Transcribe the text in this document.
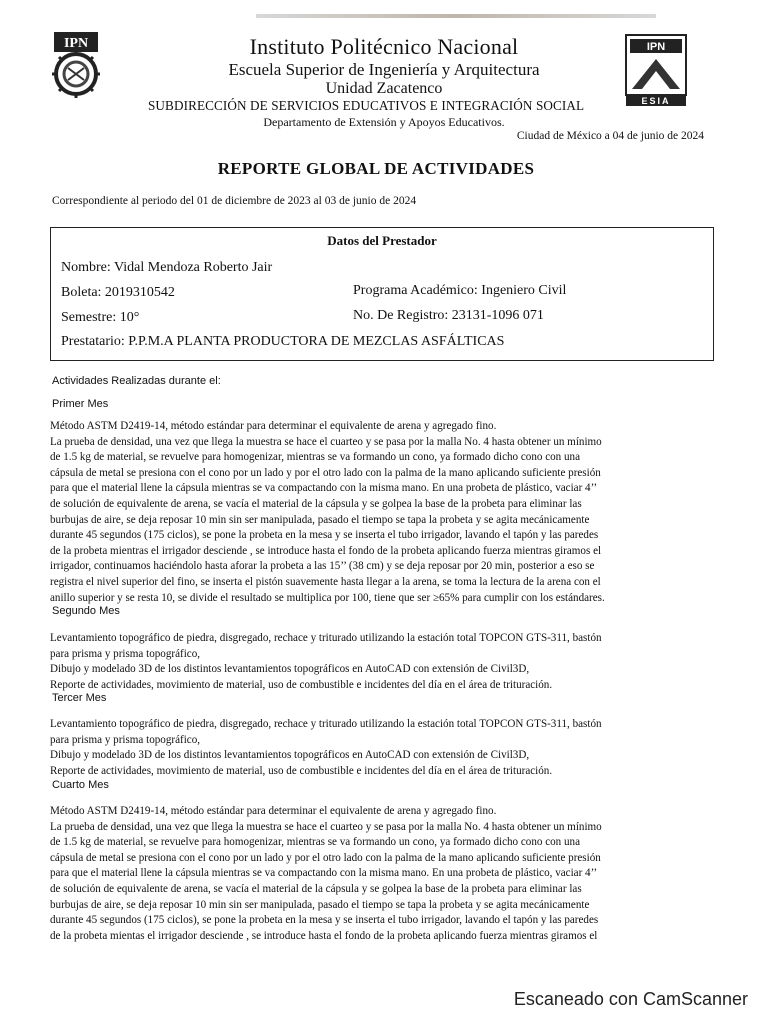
IPN	IPN
ESIA
Instituto Politécnico Nacional
Escuela Superior de Ingeniería y Arquitectura
Unidad Zacatenco
SUBDIRECCIÓN DE SERVICIOS EDUCATIVOS E INTEGRACIÓN SOCIAL
Departamento de Extensión y Apoyos Educativos.
Ciudad de México a 04 de junio de 2024
REPORTE GLOBAL DE ACTIVIDADES
Correspondiente al periodo del 01 de diciembre de 2023 al 03 de junio de 2024
Datos del Prestador
Nombre: Vidal Mendoza Roberto Jair
Boleta: 2019310542	Programa Académico: Ingeniero Civil
Semestre: 10°	No. De Registro: 23131-1096 071
Prestatario: P.P.M.A PLANTA PRODUCTORA DE MEZCLAS ASFÁLTICAS
Actividades Realizadas durante el:
Primer Mes
Método ASTM D2419-14, método estándar para determinar el equivalente de arena y agregado fino.
La prueba de densidad, una vez que llega la muestra se hace el cuarteo y se pasa por la malla No. 4 hasta obtener un mínimo
de 1.5 kg de material, se revuelve para homogenizar, mientras se va formando un cono, ya formado dicho cono con una
cápsula de metal se presiona con el cono por un lado y por el otro lado con la palma de la mano aplicando suficiente presión
para que el material llene la cápsula mientras se va compactando con la misma mano. En una probeta de plástico, vaciar 4’’
de solución de equivalente de arena, se vacía el material de la cápsula y se golpea la base de la probeta para eliminar las
burbujas de aire, se deja reposar 10 min sin ser manipulada, pasado el tiempo se tapa la probeta y se agita mecánicamente
durante 45 segundos (175 ciclos), se pone la probeta en la mesa y se inserta el tubo irrigador, lavando el tapón y las paredes
de la probeta mientras el irrigador desciende , se introduce hasta el fondo de la probeta aplicando fuerza mientras giramos el
irrigador, continuamos haciéndolo hasta aforar la probeta a las 15’’ (38 cm) y se deja reposar por 20 min, posterior a eso se
registra el nivel superior del fino, se inserta el pistón suavemente hasta llegar a la arena, se toma la lectura de la arena con el
anillo superior y se resta 10, se divide el resultado se multiplica por 100, tiene que ser ≥65% para cumplir con los estándares.
Segundo Mes
Levantamiento topográfico de piedra, disgregado, rechace y triturado utilizando la estación total TOPCON GTS-311, bastón
para prisma y prisma topográfico,
Dibujo y modelado 3D de los distintos levantamientos topográficos en AutoCAD con extensión de Civil3D,
Reporte de actividades, movimiento de material, uso de combustible e incidentes del día en el área de trituración.
Tercer Mes
Levantamiento topográfico de piedra, disgregado, rechace y triturado utilizando la estación total TOPCON GTS-311, bastón
para prisma y prisma topográfico,
Dibujo y modelado 3D de los distintos levantamientos topográficos en AutoCAD con extensión de Civil3D,
Reporte de actividades, movimiento de material, uso de combustible e incidentes del día en el área de trituración.
Cuarto Mes
Método ASTM D2419-14, método estándar para determinar el equivalente de arena y agregado fino.
La prueba de densidad, una vez que llega la muestra se hace el cuarteo y se pasa por la malla No. 4 hasta obtener un mínimo
de 1.5 kg de material, se revuelve para homogenizar, mientras se va formando un cono, ya formado dicho cono con una
cápsula de metal se presiona con el cono por un lado y por el otro lado con la palma de la mano aplicando suficiente presión
para que el material llene la cápsula mientras se va compactando con la misma mano. En una probeta de plástico, vaciar 4’’
de solución de equivalente de arena, se vacía el material de la cápsula y se golpea la base de la probeta para eliminar las
burbujas de aire, se deja reposar 10 min sin ser manipulada, pasado el tiempo se tapa la probeta y se agita mecánicamente
durante 45 segundos (175 ciclos), se pone la probeta en la mesa y se inserta el tubo irrigador, lavando el tapón y las paredes
de la probeta mientas el irrigador desciende , se introduce hasta el fondo de la probeta aplicando fuerza mientras giramos el
Escaneado con CamScanner
